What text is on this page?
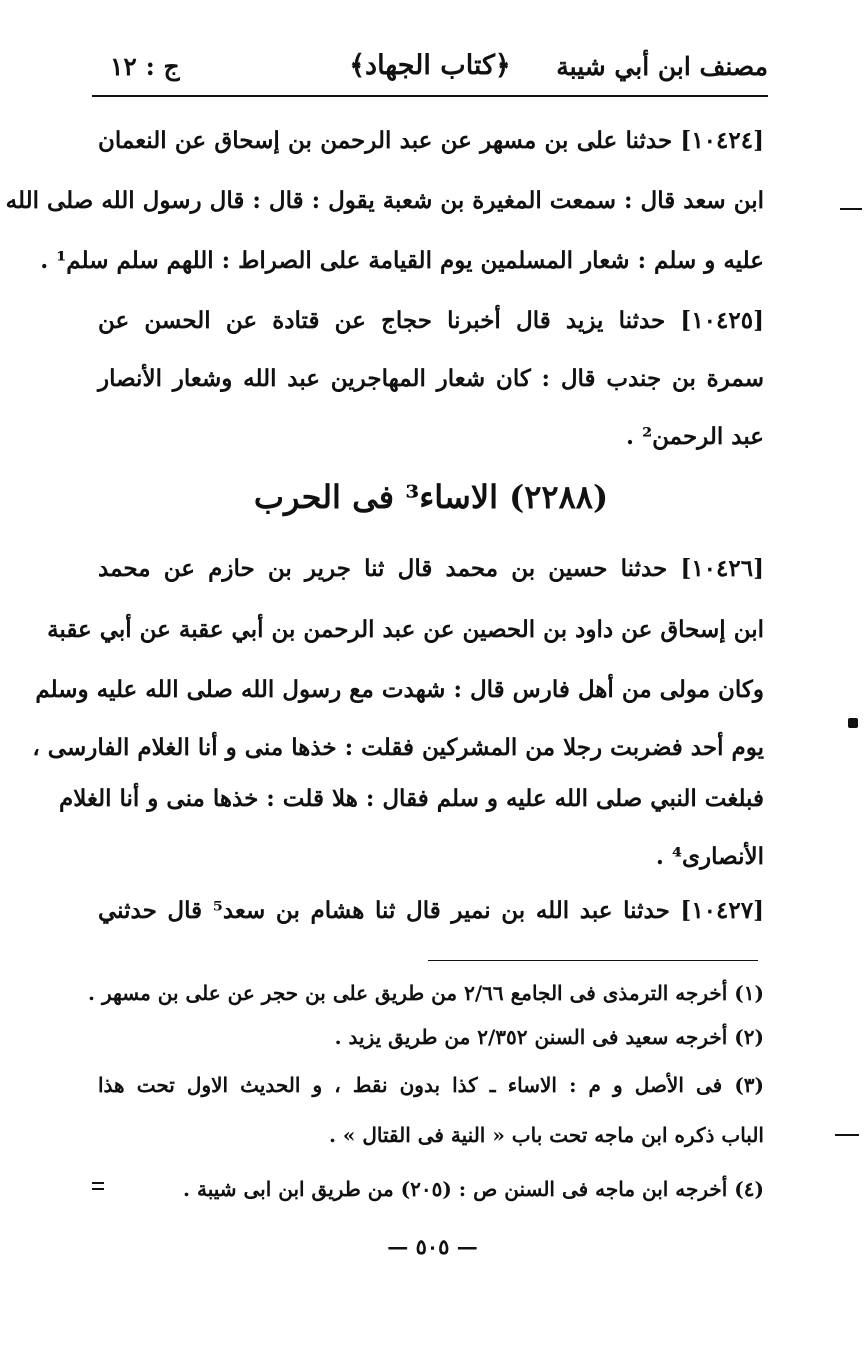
مصنف ابن أبي شيبة
﴿كتاب الجهاد﴾
ج : ١٢
[١٠٤٢٤] حدثنا على بن مسهر عن عبد الرحمن بن إسحاق عن النعمان
ابن سعد قال : سمعت المغيرة بن شعبة يقول : قال : قال رسول الله صلى الله
عليه و سلم : شعار المسلمين يوم القيامة على الصراط : اللهم سلم سلم¹ .
[١٠٤٢٥] حدثنا يزيد قال أخبرنا حجاج عن قتادة عن الحسن عن
سمرة بن جندب قال : كان شعار المهاجرين عبد الله وشعار الأنصار
عبد الرحمن² .
(٢٢٨٨) الاساء³ فى الحرب
[١٠٤٢٦] حدثنا حسين بن محمد قال ثنا جرير بن حازم عن محمد
ابن إسحاق عن داود بن الحصين عن عبد الرحمن بن أبي عقبة عن أبي عقبة
وكان مولى من أهل فارس قال : شهدت مع رسول الله صلى الله عليه وسلم
يوم أحد فضربت رجلا من المشركين فقلت : خذها منى و أنا الغلام الفارسى ،
فبلغت النبي صلى الله عليه و سلم فقال : هلا قلت : خذها منى و أنا الغلام
الأنصارى⁴ .
[١٠٤٢٧] حدثنا عبد الله بن نمير قال ثنا هشام بن سعد⁵ قال حدثني
(١) أخرجه الترمذى فى الجامع ٢/٦٦ من طريق على بن حجر عن على بن مسهر .
(٢) أخرجه سعيد فى السنن ٢/٣٥٢ من طريق يزيد .
(٣) فى الأصل و م : الاساء ـ كذا بدون نقط ، و الحديث الاول تحت هذا
الباب ذكره ابن ماجه تحت باب « النية فى القتال » .
(٤) أخرجه ابن ماجه فى السنن ص : (٢٠٥) من طريق ابن ابى شيبة .
— ٥٠٥ —
